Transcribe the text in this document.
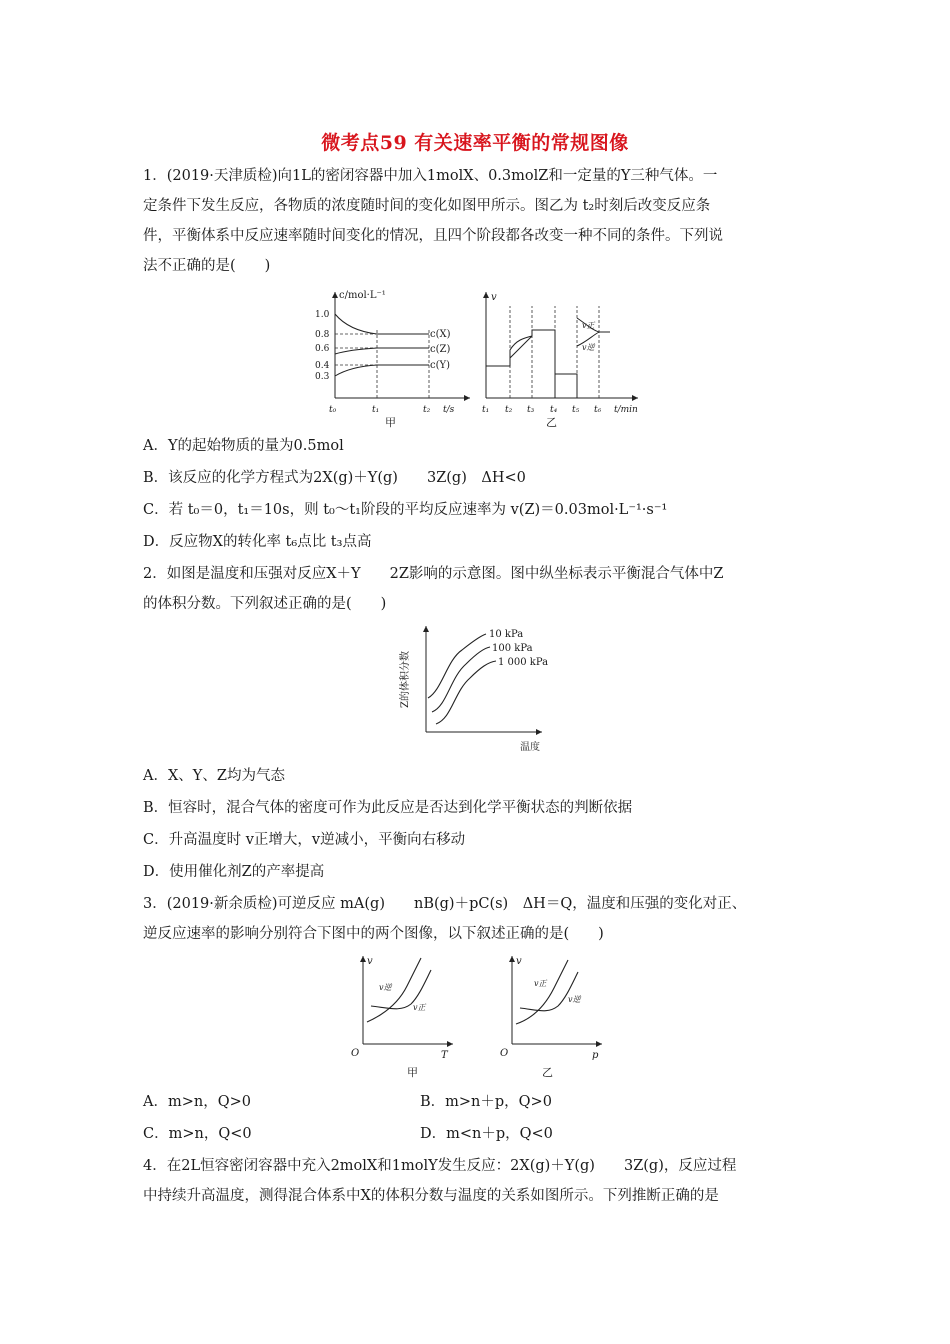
微考点59 有关速率平衡的常规图像
1．(2019·天津质检)向1L的密闭容器中加入1molX、0.3molZ和一定量的Y三种气体。一
定条件下发生反应，各物质的浓度随时间的变化如图甲所示。图乙为 t₂时刻后改变反应条
件，平衡体系中反应速率随时间变化的情况，且四个阶段都各改变一种不同的条件。下列说
法不正确的是(　　)
c/mol·L⁻¹
1.0
0.8
0.6
0.4
0.3
c(X)
c(Z)
c(Y)
t₀	t₁	t₂ t/s
甲
v
v正
v逆
t₁ t₂ t₃ t₄ t₅ t₆ t/min
乙
A．Y的起始物质的量为0.5mol
B．该反应的化学方程式为2X(g)＋Y(g)　　3Z(g)　ΔH<0
C．若 t₀＝0，t₁＝10s，则 t₀～t₁阶段的平均反应速率为 v(Z)＝0.03mol·L⁻¹·s⁻¹
D．反应物X的转化率 t₆点比 t₃点高
2．如图是温度和压强对反应X＋Y　　2Z影响的示意图。图中纵坐标表示平衡混合气体中Z
的体积分数。下列叙述正确的是(　　)
Z的体积分数
温度
10 kPa
100 kPa
1 000 kPa
A．X、Y、Z均为气态
B．恒容时，混合气体的密度可作为此反应是否达到化学平衡状态的判断依据
C．升高温度时 v正增大，v逆减小，平衡向右移动
D．使用催化剂Z的产率提高
3．(2019·新余质检)可逆反应 mA(g)　　nB(g)＋pC(s)　ΔH＝Q，温度和压强的变化对正、
逆反应速率的影响分别符合下图中的两个图像，以下叙述正确的是(　　)
v
T
O
v逆
v正
甲
v
p
O
v正
v逆
乙
A．m>n，Q>0	B．m>n＋p，Q>0
C．m>n，Q<0	D．m<n＋p，Q<0
4．在2L恒容密闭容器中充入2molX和1molY发生反应：2X(g)＋Y(g)　　3Z(g)，反应过程
中持续升高温度，测得混合体系中X的体积分数与温度的关系如图所示。下列推断正确的是
